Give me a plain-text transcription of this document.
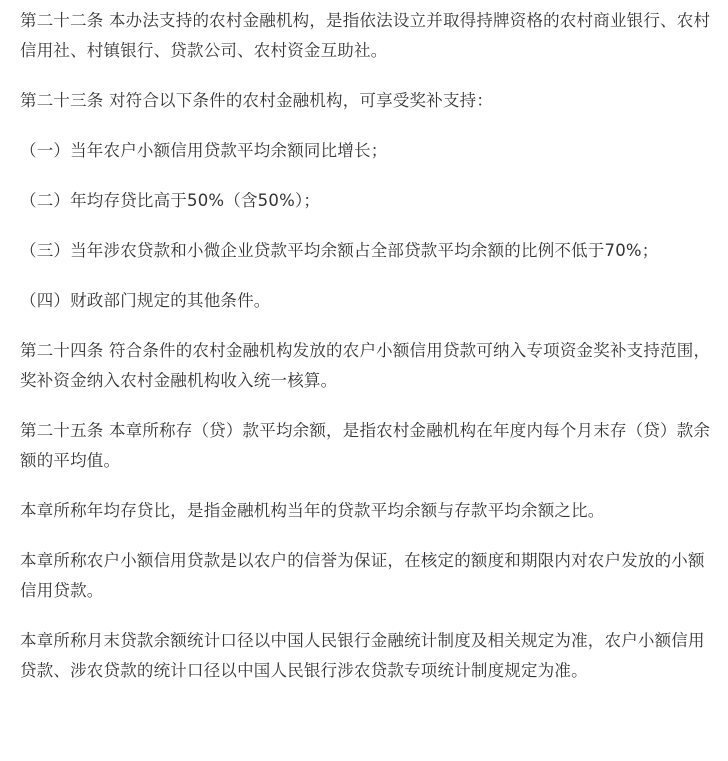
第二十二条 本办法支持的农村金融机构，是指依法设立并取得持牌资格的农村商业银行、农村信用社、村镇银行、贷款公司、农村资金互助社。

第二十三条 对符合以下条件的农村金融机构，可享受奖补支持：

（一）当年农户小额信用贷款平均余额同比增长；

（二）年均存贷比高于50%（含50%）；

（三）当年涉农贷款和小微企业贷款平均余额占全部贷款平均余额的比例不低于70%；

（四）财政部门规定的其他条件。

第二十四条 符合条件的农村金融机构发放的农户小额信用贷款可纳入专项资金奖补支持范围，奖补资金纳入农村金融机构收入统一核算。

第二十五条 本章所称存（贷）款平均余额，是指农村金融机构在年度内每个月末存（贷）款余额的平均值。

本章所称年均存贷比，是指金融机构当年的贷款平均余额与存款平均余额之比。

本章所称农户小额信用贷款是以农户的信誉为保证，在核定的额度和期限内对农户发放的小额信用贷款。

本章所称月末贷款余额统计口径以中国人民银行金融统计制度及相关规定为准，农户小额信用贷款、涉农贷款的统计口径以中国人民银行涉农贷款专项统计制度规定为准。
